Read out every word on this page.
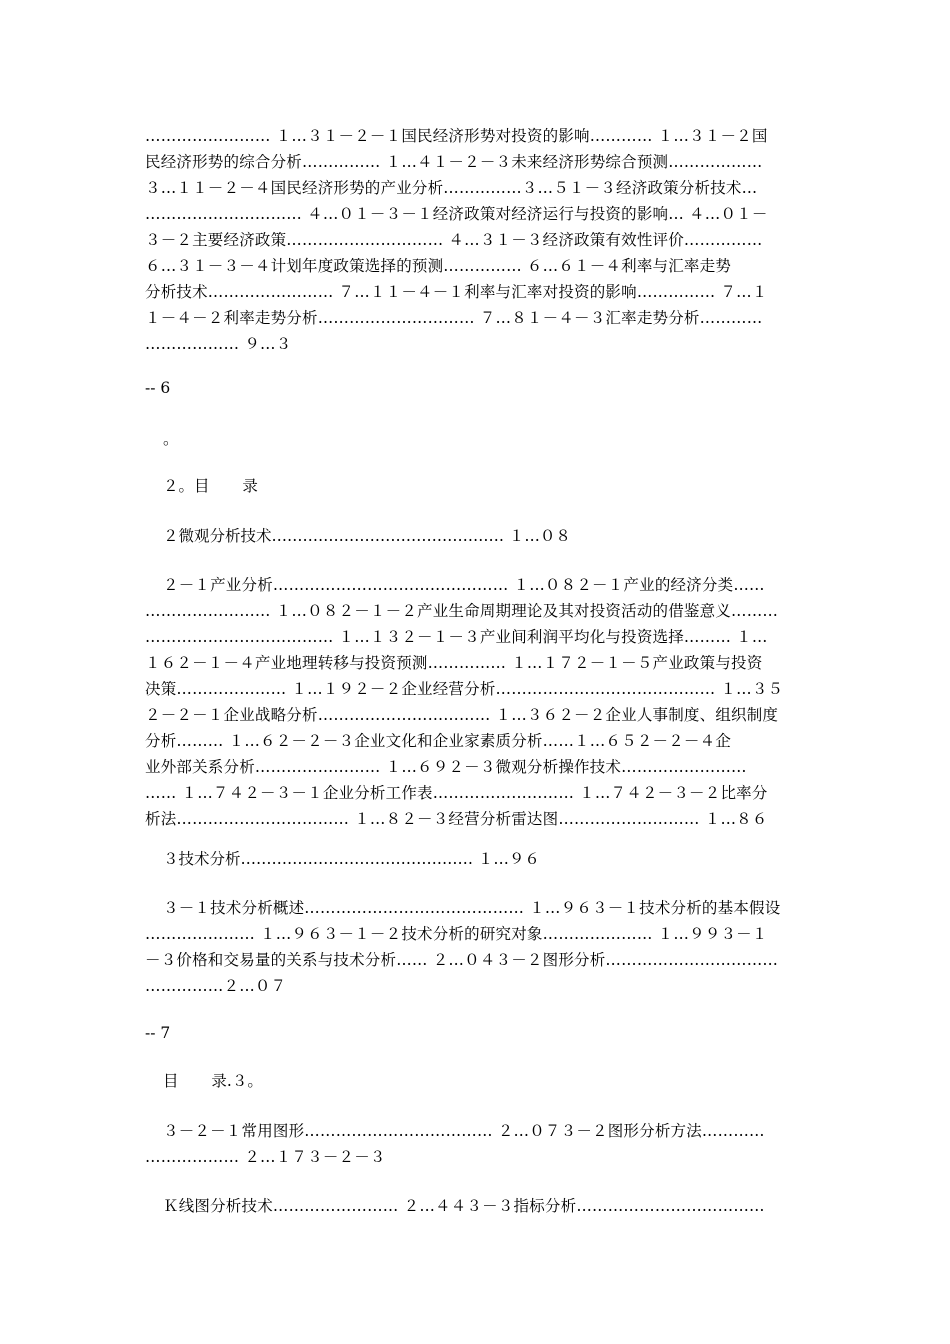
…………………… １…３１－２－１国民经济形势对投资的影响………… １…３１－２国
民经济形势的综合分析…………… １…４１－２－３未来经济形势综合预测………………
３…１１－２－４国民经济形势的产业分析……………３…５１－３经济政策分析技术…
………………………… ４…０１－３－１经济政策对经济运行与投资的影响… ４…０１－
３－２主要经济政策………………………… ４…３１－３经济政策有效性评价……………
６…３１－３－４计划年度政策选择的预测…………… ６…６１－４利率与汇率走势
分析技术…………………… ７…１１－４－１利率与汇率对投资的影响…………… ７…１
１－４－２利率走势分析………………………… ７…８１－４－３汇率走势分析…………
……………… ９…３
-- 6
。
２。目 录
２微观分析技术……………………………………… １…０８
２－１产业分析……………………………………… １…０８２－１产业的经济分类……
…………………… １…０８２－１－２产业生命周期理论及其对投资活动的借鉴意义………
……………………………… １…１３２－１－３产业间利润平均化与投资选择……… １…
１６２－１－４产业地理转移与投资预测…………… １…１７２－１－５产业政策与投资
决策………………… １…１９２－２企业经营分析…………………………………… １…３５
２－２－１企业战略分析…………………………… １…３６２－２企业人事制度、组织制度
分析……… １…６２－２－３企业文化和企业家素质分析……１…６５２－２－４企
业外部关系分析…………………… １…６９２－３微观分析操作技术……………………
…… １…７４２－３－１企业分析工作表……………………… １…７４２－３－２比率分
析法…………………………… １…８２－３经营分析雷达图……………………… １…８６
３技术分析……………………………………… １…９６
３－１技术分析概述…………………………………… １…９６３－１技术分析的基本假设
………………… １…９６３－１－２技术分析的研究对象………………… １…９９３－１
－３价格和交易量的关系与技术分析…… ２…０４３－２图形分析……………………………
……………２…０７
-- 7
目 录.３。
３－２－１常用图形……………………………… ２…０７３－２图形分析方法…………
……………… ２…１７３－２－３
Ｋ线图分析技术…………………… ２…４４３－３指标分析………………………………
